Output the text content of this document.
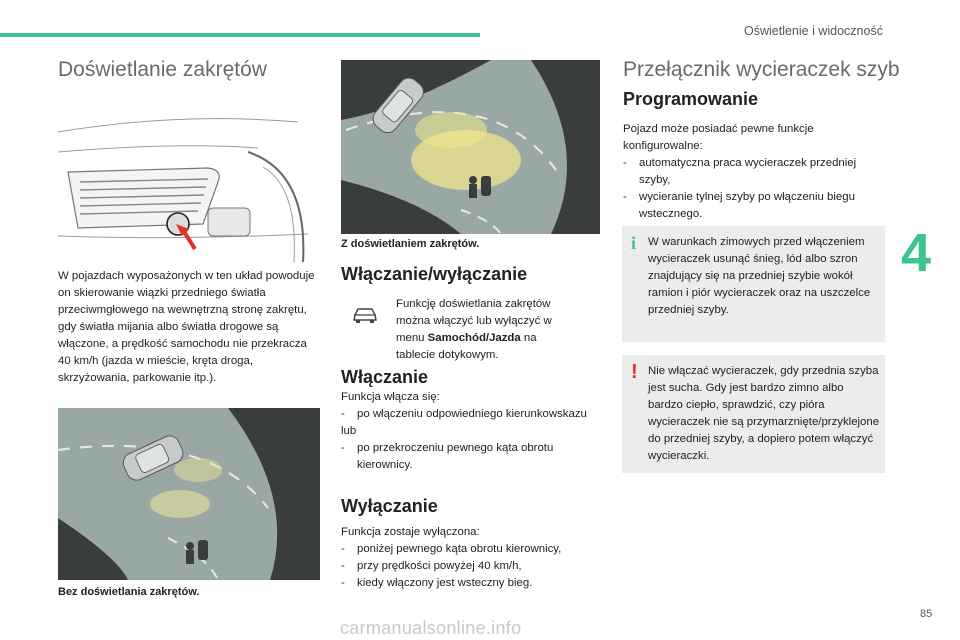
Oświetlenie i widoczność
4
Doświetlanie zakrętów
W pojazdach wyposażonych w ten układ powoduje on skierowanie wiązki przedniego światła przeciwmgłowego na wewnętrzną stronę zakrętu, gdy światła mijania albo światła drogowe są włączone, a prędkość samochodu nie przekracza 40 km/h (jazda w mieście, kręta droga, skrzyżowania, parkowanie itp.).
Bez doświetlania zakrętów.
Z doświetlaniem zakrętów.
Włączanie/wyłączanie
Funkcję doświetlania zakrętów można włączyć lub wyłączyć w menu Samochód/Jazda na tablecie dotykowym.
Włączanie
Funkcja włącza się:
- po włączeniu odpowiedniego kierunkowskazu
lub
- po przekroczeniu pewnego kąta obrotu kierownicy.
Wyłączanie
Funkcja zostaje wyłączona:
- poniżej pewnego kąta obrotu kierownicy,
- przy prędkości powyżej 40 km/h,
- kiedy włączony jest wsteczny bieg.
Przełącznik wycieraczek szyb
Programowanie
Pojazd może posiadać pewne funkcje konfigurowalne:
- automatyczna praca wycieraczek przedniej szyby,
- wycieranie tylnej szyby po włączeniu biegu wstecznego.
i W warunkach zimowych przed włączeniem wycieraczek usunąć śnieg, lód albo szron znajdujący się na przedniej szybie wokół ramion i piór wycieraczek oraz na uszczelce przedniej szyby.
! Nie włączać wycieraczek, gdy przednia szyba jest sucha. Gdy jest bardzo zimno albo bardzo ciepło, sprawdzić, czy pióra wycieraczek nie są przymarznięte/przyklejone do przedniej szyby, a dopiero potem włączyć wycieraczki.
85
carmanualsonline.info
